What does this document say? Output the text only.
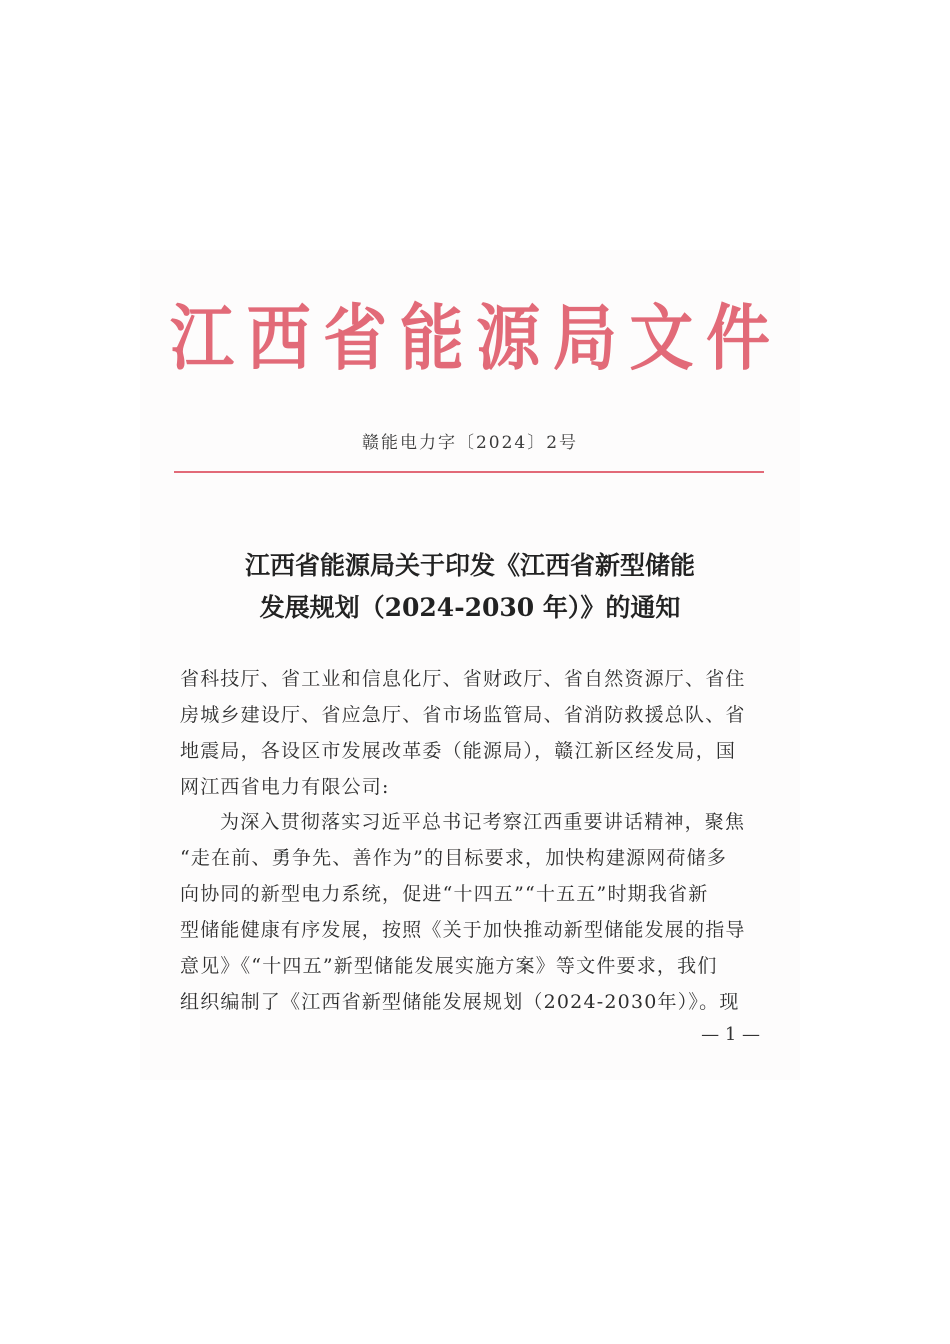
江 西 省 能 源 局 文 件
赣能电力字〔2024〕2号
江西省能源局关于印发《江西省新型储能
发展规划（2024-2030 年）》的通知
省科技厅、省工业和信息化厅、省财政厅、省自然资源厅、省住
房城乡建设厅、省应急厅、省市场监管局、省消防救援总队、省
地震局，各设区市发展改革委（能源局），赣江新区经发局，国
网江西省电力有限公司:
为深入贯彻落实习近平总书记考察江西重要讲话精神，聚焦
“走在前、勇争先、善作为”的目标要求，加快构建源网荷储多
向协同的新型电力系统，促进“十四五”“十五五”时期我省新
型储能健康有序发展，按照《关于加快推动新型储能发展的指导
意见》《“十四五”新型储能发展实施方案》等文件要求，我们
组织编制了《江西省新型储能发展规划（2024-2030年）》。现
— 1 —
